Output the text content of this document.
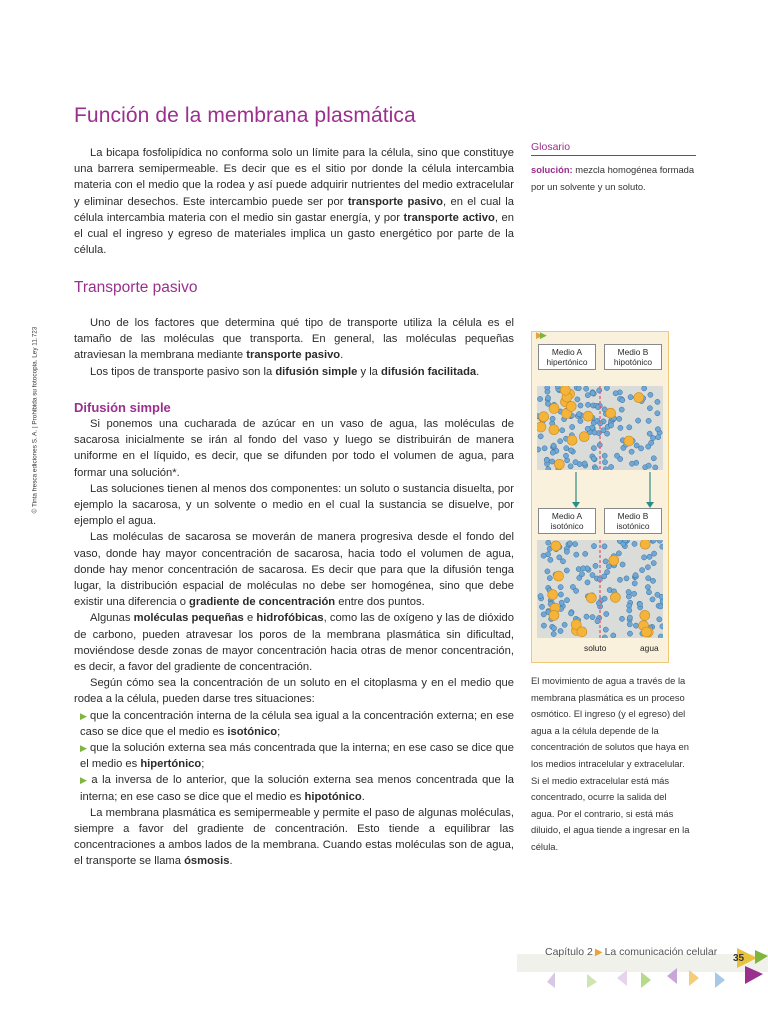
Función de la membrana plasmática
© Tinta fresca ediciones S. A. | Prohibida su fotocopia. Ley 11.723

La bicapa fosfolipídica no conforma solo un límite para la célula, sino que constituye una barrera semipermeable. Es decir que es el sitio por donde la célula intercambia materia con el medio que la rodea y así puede adquirir nutrientes del medio extracelular y eliminar desechos. Este intercambio puede ser por transporte pasivo, en el cual la célula intercambia materia con el medio sin gastar energía, y por transporte activo, en el cual el ingreso y egreso de materiales implica un gasto energético por parte de la célula.

Transporte pasivo

Uno de los factores que determina qué tipo de transporte utiliza la célula es el tamaño de las moléculas que transporta. En general, las moléculas pequeñas atraviesan la membrana mediante transporte pasivo.

Los tipos de transporte pasivo son la difusión simple y la difusión facilitada.

Difusión simple

Si ponemos una cucharada de azúcar en un vaso de agua, las moléculas de sacarosa inicialmente se irán al fondo del vaso y luego se distribuirán de manera uniforme en el líquido, es decir, que se difunden por todo el volumen de agua, para formar una solución*.

Las soluciones tienen al menos dos componentes: un soluto o sustancia disuelta, por ejemplo la sacarosa, y un solvente o medio en el cual la sustancia se disuelve, por ejemplo el agua.

Las moléculas de sacarosa se moverán de manera progresiva desde el fondo del vaso, donde hay mayor concentración de sacarosa, hacia todo el volumen de agua, donde hay menor concentración de sacarosa. Es decir que para que la difusión tenga lugar, la distribución espacial de moléculas no debe ser homogénea, sino que debe existir una diferencia o gradiente de concentración entre dos puntos.

Algunas moléculas pequeñas e hidrofóbicas, como las de oxígeno y las de dióxido de carbono, pueden atravesar los poros de la membrana plasmática sin dificultad, moviéndose desde zonas de mayor concentración hacia otras de menor concentración, es decir, a favor del gradiente de concentración.

Según cómo sea la concentración de un soluto en el citoplasma y en el medio que rodea a la célula, pueden darse tres situaciones:

▶ que la concentración interna de la célula sea igual a la concentración externa; en ese caso se dice que el medio es isotónico;

▶ que la solución externa sea más concentrada que la interna; en ese caso se dice que el medio es hipertónico;

▶ a la inversa de lo anterior, que la solución externa sea menos concentrada que la interna; en ese caso se dice que el medio es hipotónico.

La membrana plasmática es semipermeable y permite el paso de algunas moléculas, siempre a favor del gradiente de concentración. Esto tiende a equilibrar las concentraciones a ambos lados de la membrana. Cuando estas moléculas son de agua, el transporte se llama ósmosis.

Glosario

solución: mezcla homogénea formada por un solvente y un soluto.

▶▶
Medio A
hipertónico
Medio B
hipotónico
Medio A
isotónico
Medio B
isotónico
soluto	agua

El movimiento de agua a través de la membrana plasmática es un proceso osmótico. El ingreso (y el egreso) del agua a la célula depende de la concentración de solutos que haya en los medios intracelular y extracelular. Si el medio extracelular está más concentrado, ocurre la salida del agua. Por el contrario, si está más diluido, el agua tiende a ingresar en la célula.

Capítulo 2 ▶ La comunicación celular
35
